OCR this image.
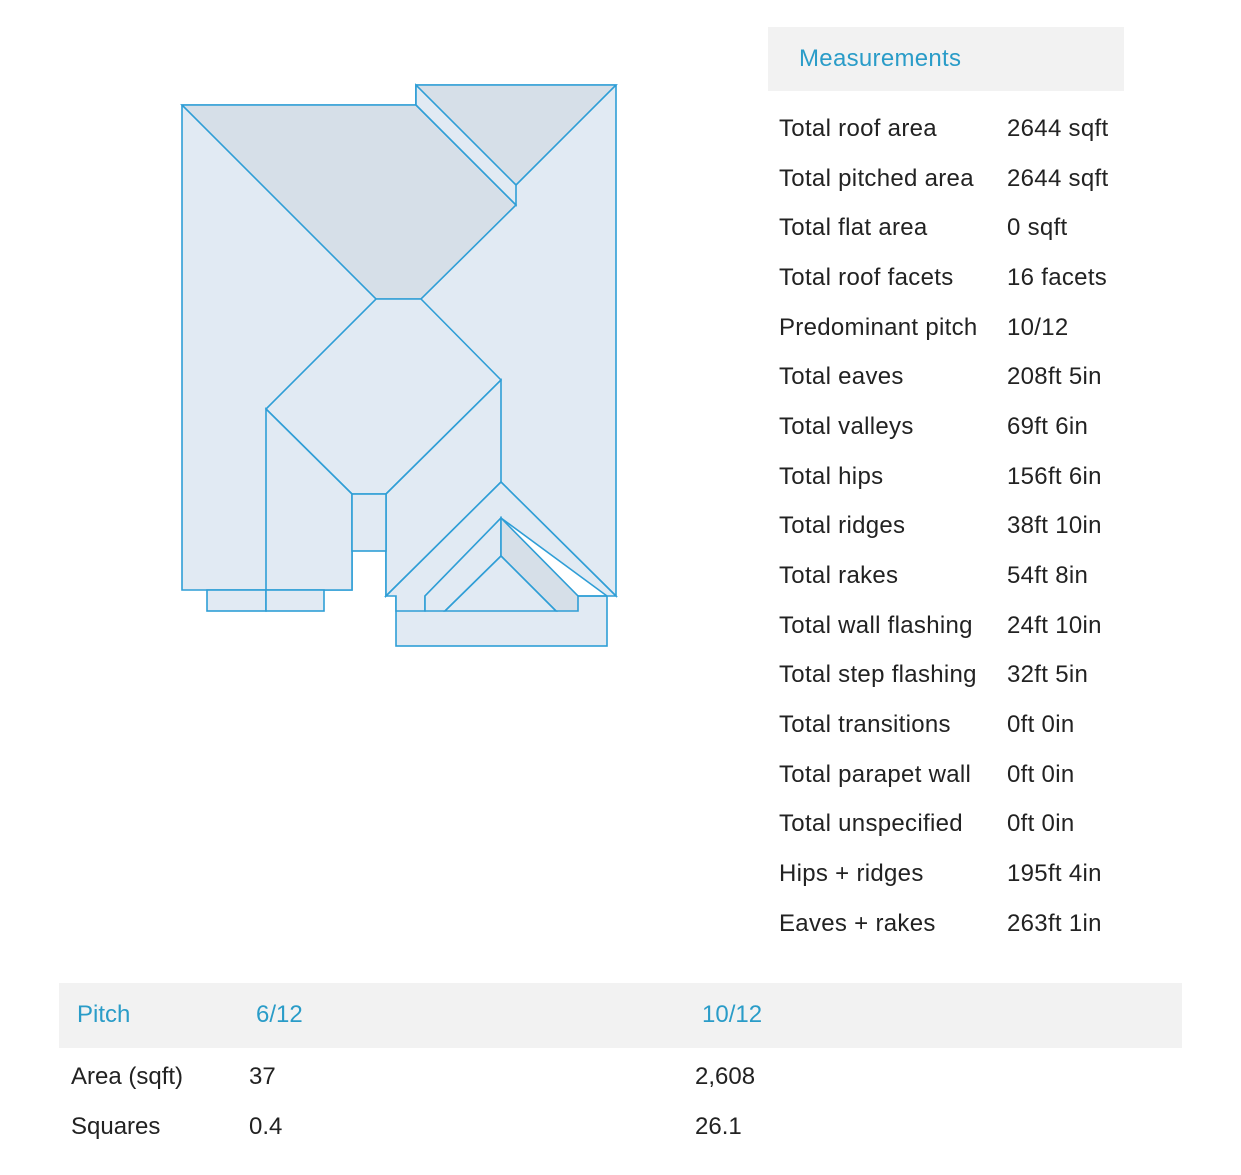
Measurements
Total roof area	2644 sqft
Total pitched area	2644 sqft
Total flat area	0 sqft
Total roof facets	16 facets
Predominant pitch	10/12
Total eaves	208ft 5in
Total valleys	69ft 6in
Total hips	156ft 6in
Total ridges	38ft 10in
Total rakes	54ft 8in
Total wall flashing	24ft 10in
Total step flashing	32ft 5in
Total transitions	0ft 0in
Total parapet wall	0ft 0in
Total unspecified	0ft 0in
Hips + ridges	195ft 4in
Eaves + rakes	263ft 1in
Pitch	6/12	10/12
Area (sqft)	37	2,608
Squares	0.4	26.1
